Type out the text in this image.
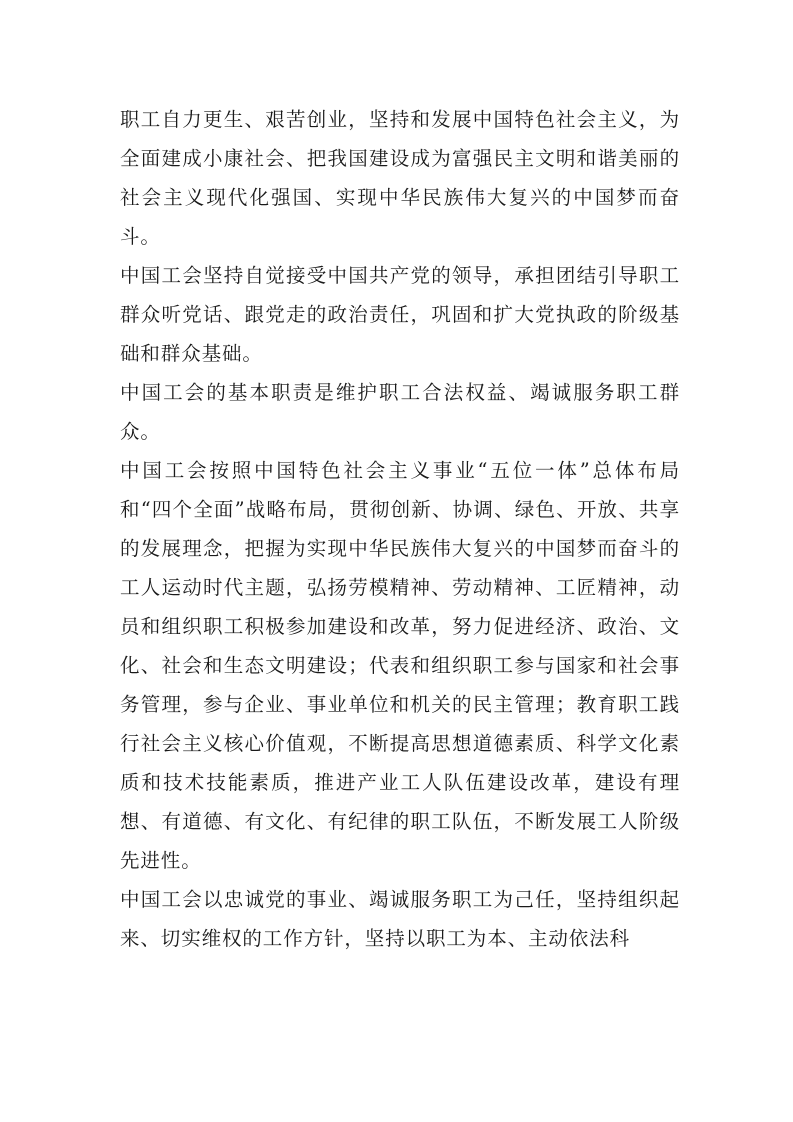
职工自力更生、艰苦创业，坚持和发展中国特色社会主义，为全面建成小康社会、把我国建设成为富强民主文明和谐美丽的社会主义现代化强国、实现中华民族伟大复兴的中国梦而奋斗。

中国工会坚持自觉接受中国共产党的领导，承担团结引导职工群众听党话、跟党走的政治责任，巩固和扩大党执政的阶级基础和群众基础。

中国工会的基本职责是维护职工合法权益、竭诚服务职工群众。

中国工会按照中国特色社会主义事业“五位一体”总体布局和“四个全面”战略布局，贯彻创新、协调、绿色、开放、共享的发展理念，把握为实现中华民族伟大复兴的中国梦而奋斗的工人运动时代主题，弘扬劳模精神、劳动精神、工匠精神，动员和组织职工积极参加建设和改革，努力促进经济、政治、文化、社会和生态文明建设；代表和组织职工参与国家和社会事务管理，参与企业、事业单位和机关的民主管理；教育职工践行社会主义核心价值观，不断提高思想道德素质、科学文化素质和技术技能素质，推进产业工人队伍建设改革，建设有理想、有道德、有文化、有纪律的职工队伍，不断发展工人阶级先进性。

中国工会以忠诚党的事业、竭诚服务职工为己任，坚持组织起来、切实维权的工作方针，坚持以职工为本、主动依法科
